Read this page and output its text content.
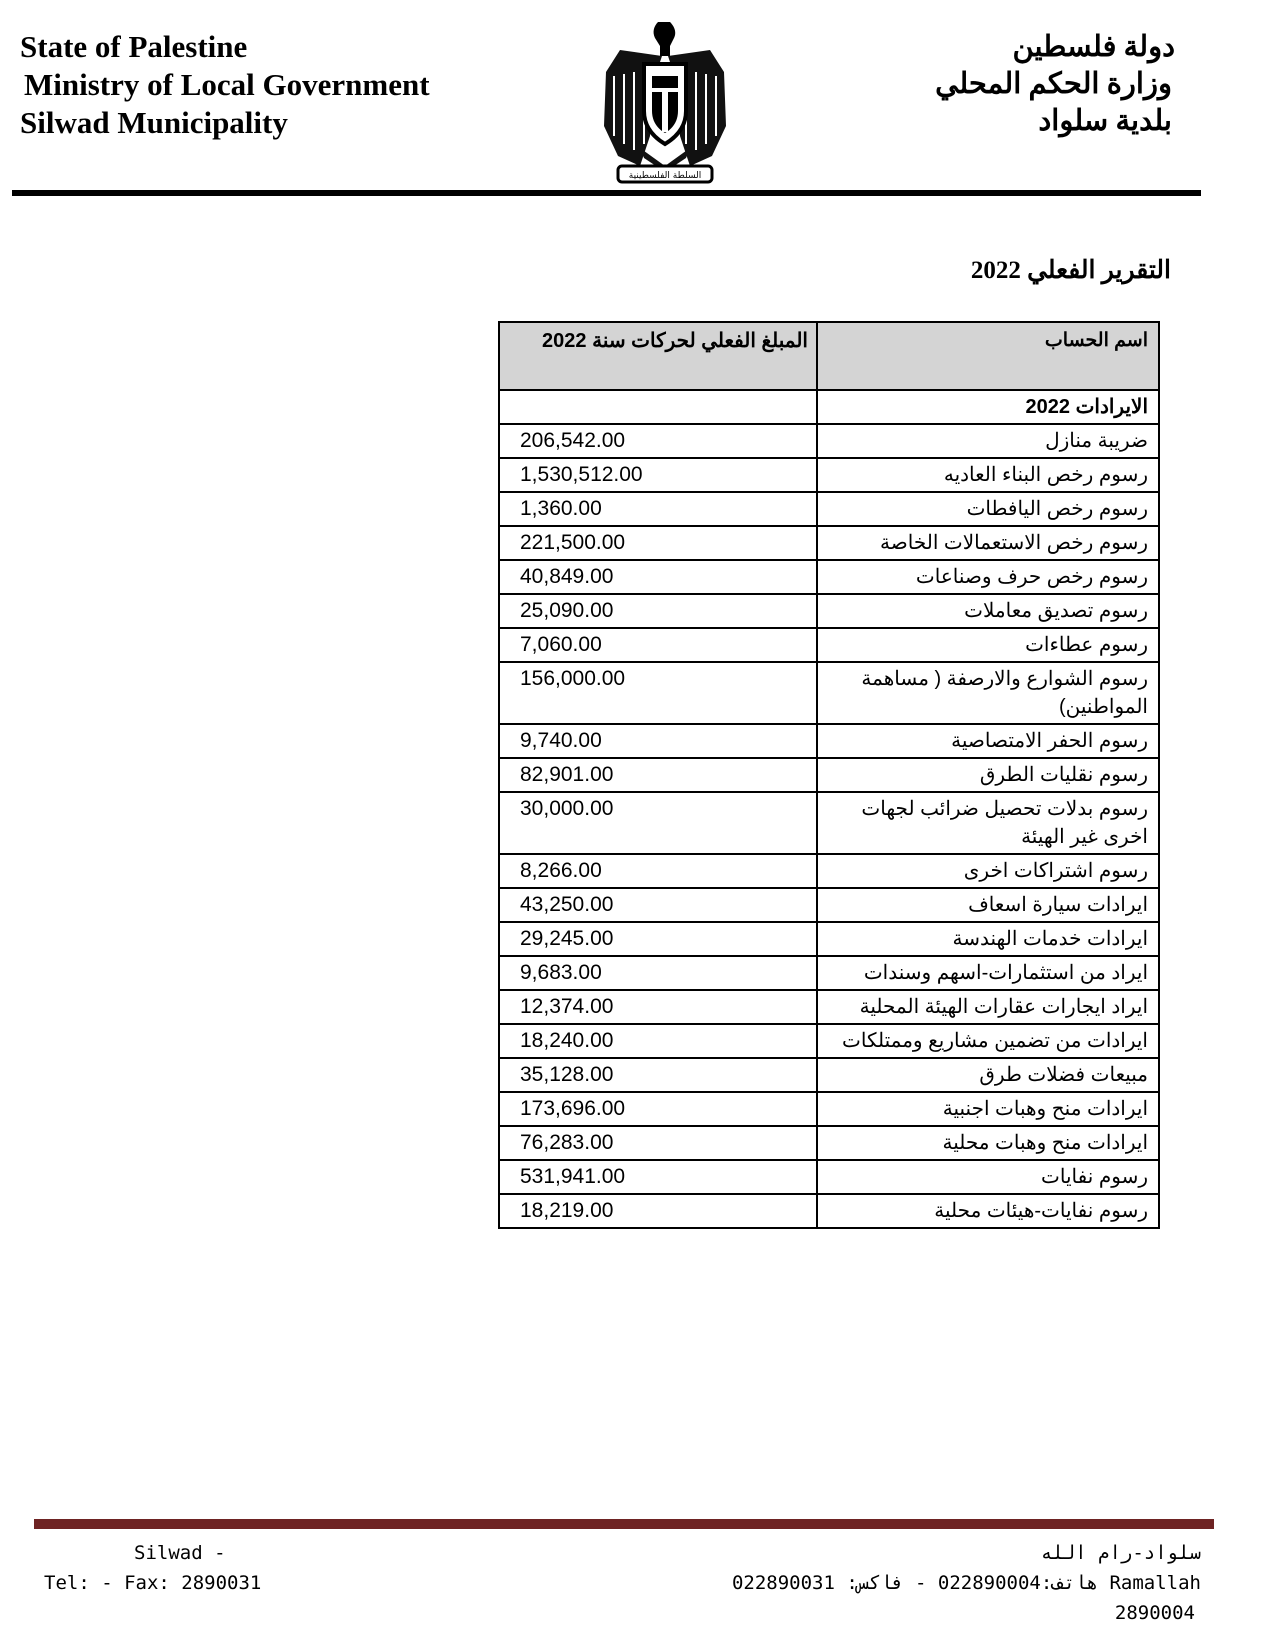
State of Palestine
Ministry of Local Government
Silwad Municipality
دولة فلسطين
وزارة الحكم المحلي
بلدية سلواد
السلطة الفلسطينية
التقرير الفعلي 2022
اسم الحساب	المبلغ الفعلي لحركات سنة 2022
الايرادات 2022	
ضريبة منازل	206,542.00
رسوم رخص البناء العاديه	1,530,512.00
رسوم رخص اليافطات	1,360.00
رسوم رخص الاستعمالات الخاصة	221,500.00
رسوم رخص حرف وصناعات	40,849.00
رسوم تصديق معاملات	25,090.00
رسوم عطاءات	7,060.00
رسوم الشوارع والارصفة ( مساهمة المواطنين)	156,000.00
رسوم الحفر الامتصاصية	9,740.00
رسوم نقليات الطرق	82,901.00
رسوم بدلات تحصيل ضرائب لجهات اخرى غير الهيئة	30,000.00
رسوم اشتراكات اخرى	8,266.00
ايرادات سيارة اسعاف	43,250.00
ايرادات خدمات الهندسة	29,245.00
ايراد من استثمارات-اسهم وسندات	9,683.00
ايراد ايجارات عقارات الهيئة المحلية	12,374.00
ايرادات من تضمين مشاريع وممتلكات	18,240.00
مبيعات فضلات طرق	35,128.00
ايرادات منح وهبات اجنبية	173,696.00
ايرادات منح وهبات محلية	76,283.00
رسوم نفايات	531,941.00
رسوم نفايات-هيئات محلية	18,219.00
Silwad -
Tel: - Fax: 2890031
سلواد-رام الله
Ramallah هاتف:022890004 - فاكس: 022890031
2890004
